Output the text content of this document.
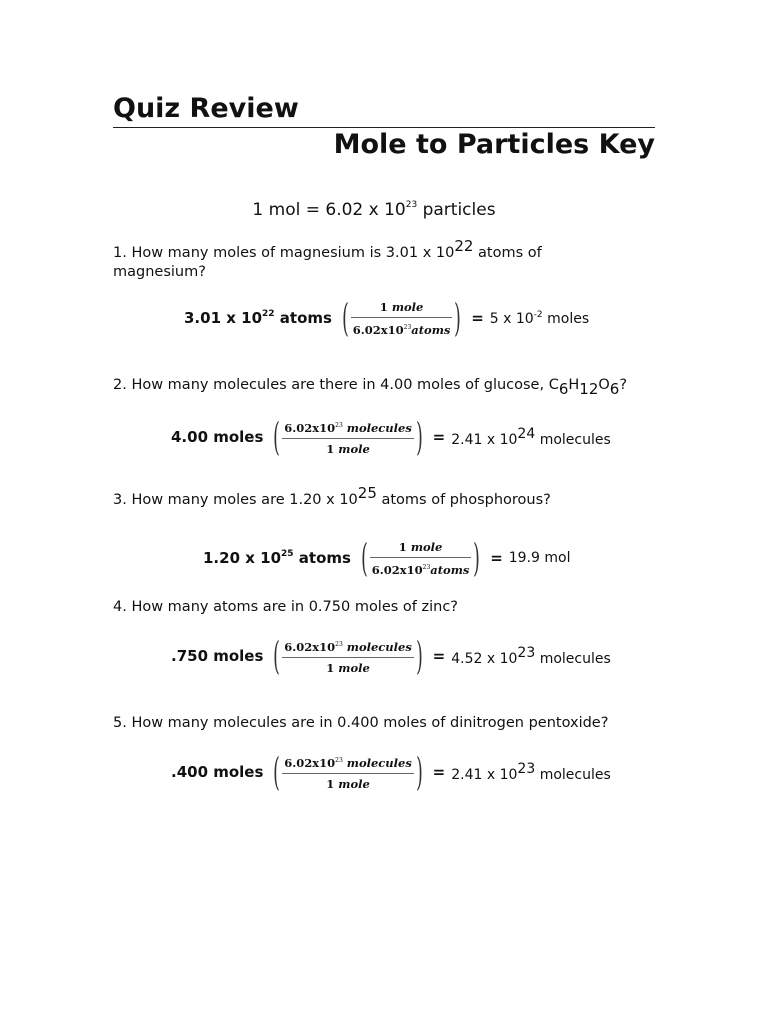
Quiz Review
Mole to Particles Key
1 mol = 6.02 x $10^{23}$ particles
1. How many moles of magnesium is 3.01 x 1022 atoms of magnesium?
3.01 x $10^{22}$ atoms ( $\frac{\text{1 mole}}{6.02x10^{23}atoms}$ ) = 5 x $10^{-2}$ moles
2. How many molecules are there in 4.00 moles of glucose, C6H12O6?
4.00 moles ( $\frac{6.02x10^{23} molecules}{\text{1 mole}}$ ) = 2.41 x 1024 molecules
3. How many moles are 1.20 x 1025 atoms of phosphorous?
1.20 x $10^{25}$ atoms ( $\frac{\text{1 mole}}{6.02x10^{23}atoms}$ ) = 19.9 mol
4. How many atoms are in 0.750 moles of zinc?
.750 moles ( $\frac{6.02x10^{23} molecules}{\text{1 mole}}$ ) = 4.52 x 1023 molecules
5. How many molecules are in 0.400 moles of dinitrogen pentoxide?
.400 moles ( $\frac{6.02x10^{23} molecules}{\text{1 mole}}$ ) = 2.41 x 1023 molecules
